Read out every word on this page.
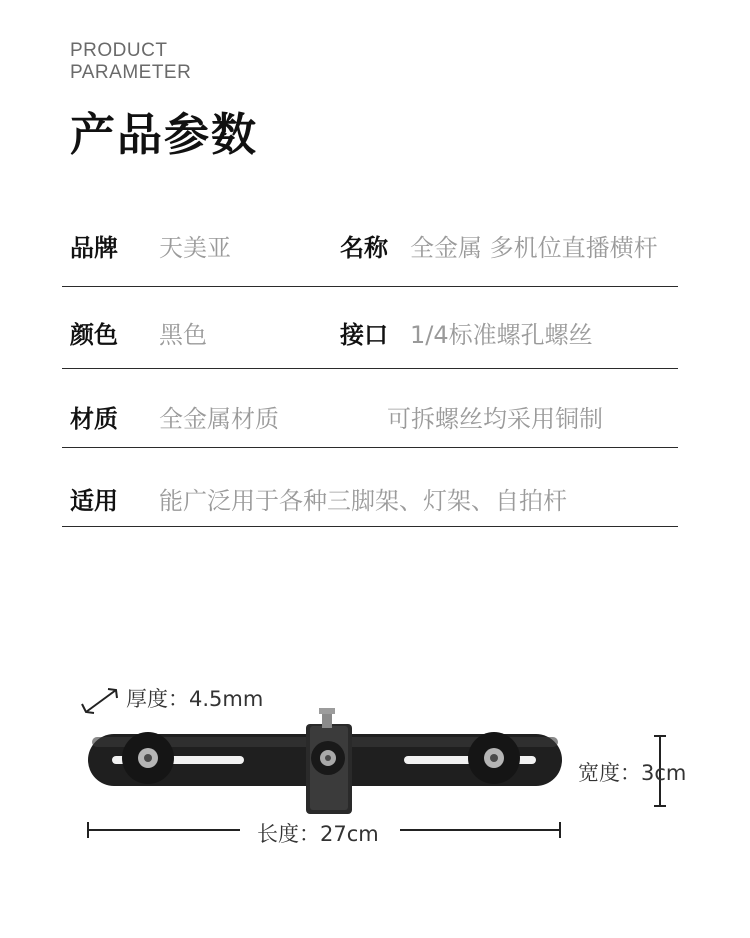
PRODUCT
PARAMETER
产品参数
品牌 天美亚	名称 全金属 多机位直播横杆
颜色 黑色	接口 1/4标准螺孔螺丝
材质 全金属材质	可拆螺丝均采用铜制
适用 能广泛用于各种三脚架、灯架、自拍杆
厚度：4.5mm
宽度：3cm
长度：27cm
